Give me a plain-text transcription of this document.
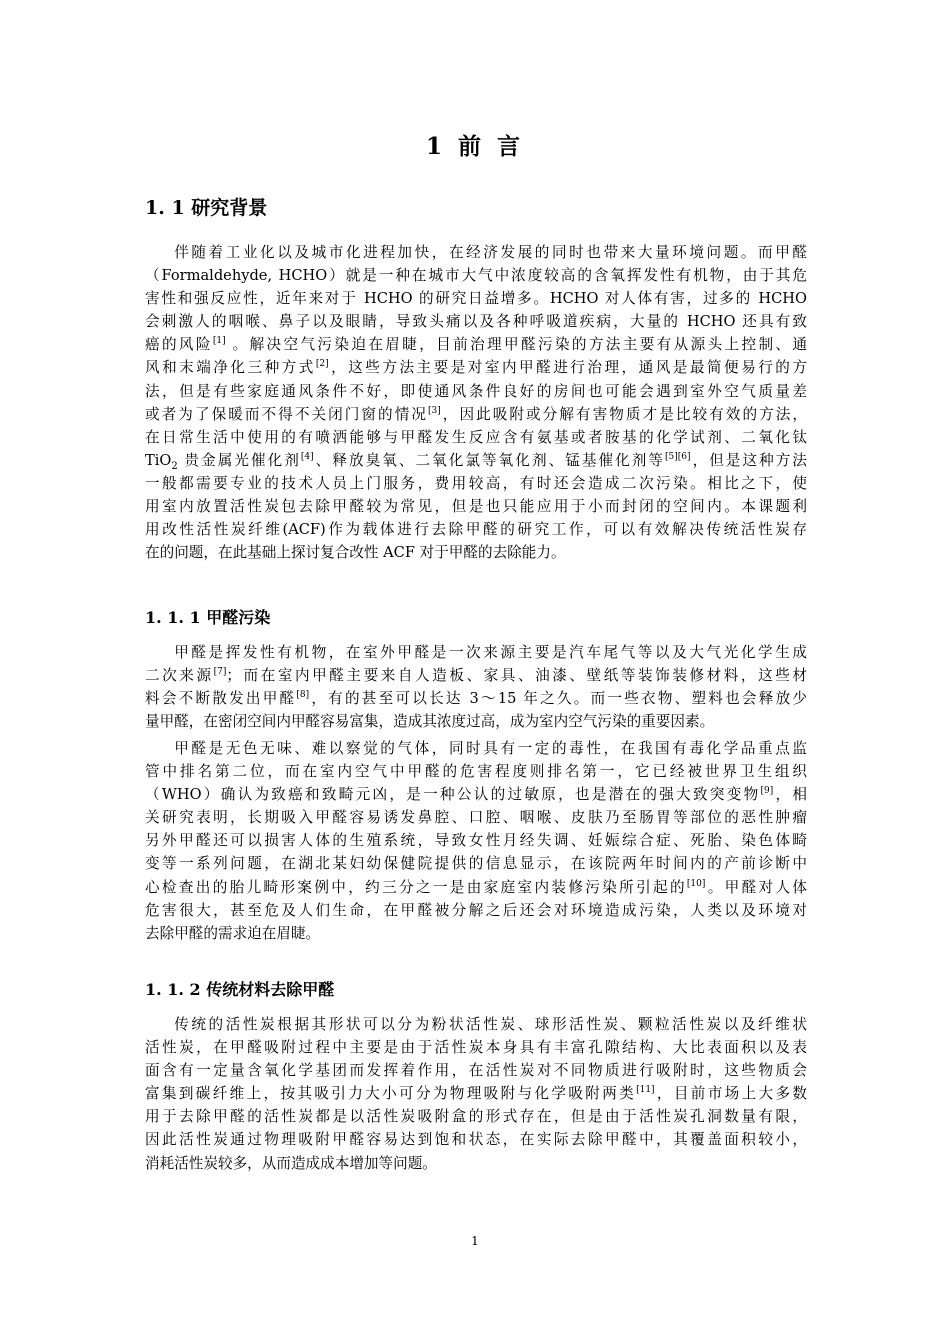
1 前 言
1. 1 研究背景
伴随着工业化以及城市化进程加快，在经济发展的同时也带来大量环境问题。而甲醛
（Formaldehyde, HCHO）就是一种在城市大气中浓度较高的含氧挥发性有机物，由于其危
害性和强反应性，近年来对于 HCHO 的研究日益增多。HCHO 对人体有害，过多的 HCHO
会刺激人的咽喉、鼻子以及眼睛，导致头痛以及各种呼吸道疾病，大量的 HCHO 还具有致
癌的风险[1] 。解决空气污染迫在眉睫，目前治理甲醛污染的方法主要有从源头上控制、通
风和末端净化三种方式[2]，这些方法主要是对室内甲醛进行治理，通风是最简便易行的方
法，但是有些家庭通风条件不好，即使通风条件良好的房间也可能会遇到室外空气质量差
或者为了保暖而不得不关闭门窗的情况[3]，因此吸附或分解有害物质才是比较有效的方法，
在日常生活中使用的有喷洒能够与甲醛发生反应含有氨基或者胺基的化学试剂、二氧化钛
TiO$_2$ 贵金属光催化剂[4]、释放臭氧、二氧化氯等氧化剂、锰基催化剂等[5][6]，但是这种方法
一般都需要专业的技术人员上门服务，费用较高，有时还会造成二次污染。相比之下，使
用室内放置活性炭包去除甲醛较为常见，但是也只能应用于小而封闭的空间内。本课题利
用改性活性炭纤维(ACF)作为载体进行去除甲醛的研究工作，可以有效解决传统活性炭存
在的问题，在此基础上探讨复合改性 ACF 对于甲醛的去除能力。
1. 1. 1 甲醛污染
甲醛是挥发性有机物，在室外甲醛是一次来源主要是汽车尾气等以及大气光化学生成
二次来源[7]；而在室内甲醛主要来自人造板、家具、油漆、壁纸等装饰装修材料，这些材
料会不断散发出甲醛[8]，有的甚至可以长达 3～15 年之久。而一些衣物、塑料也会释放少
量甲醛，在密闭空间内甲醛容易富集，造成其浓度过高，成为室内空气污染的重要因素。
甲醛是无色无味、难以察觉的气体，同时具有一定的毒性，在我国有毒化学品重点监
管中排名第二位，而在室内空气中甲醛的危害程度则排名第一，它已经被世界卫生组织
（WHO）确认为致癌和致畸元凶，是一种公认的过敏原，也是潜在的强大致突变物[9]，相
关研究表明，长期吸入甲醛容易诱发鼻腔、口腔、咽喉、皮肤乃至肠胃等部位的恶性肿瘤
另外甲醛还可以损害人体的生殖系统，导致女性月经失调、妊娠综合症、死胎、染色体畸
变等一系列问题，在湖北某妇幼保健院提供的信息显示，在该院两年时间内的产前诊断中
心检查出的胎儿畸形案例中，约三分之一是由家庭室内装修污染所引起的[10]。甲醛对人体
危害很大，甚至危及人们生命，在甲醛被分解之后还会对环境造成污染，人类以及环境对
去除甲醛的需求迫在眉睫。
1. 1. 2 传统材料去除甲醛
传统的活性炭根据其形状可以分为粉状活性炭、球形活性炭、颗粒活性炭以及纤维状
活性炭，在甲醛吸附过程中主要是由于活性炭本身具有丰富孔隙结构、大比表面积以及表
面含有一定量含氧化学基团而发挥着作用，在活性炭对不同物质进行吸附时，这些物质会
富集到碳纤维上，按其吸引力大小可分为物理吸附与化学吸附两类[11]，目前市场上大多数
用于去除甲醛的活性炭都是以活性炭吸附盒的形式存在，但是由于活性炭孔洞数量有限，
因此活性炭通过物理吸附甲醛容易达到饱和状态，在实际去除甲醛中，其覆盖面积较小，
消耗活性炭较多，从而造成成本增加等问题。
1
